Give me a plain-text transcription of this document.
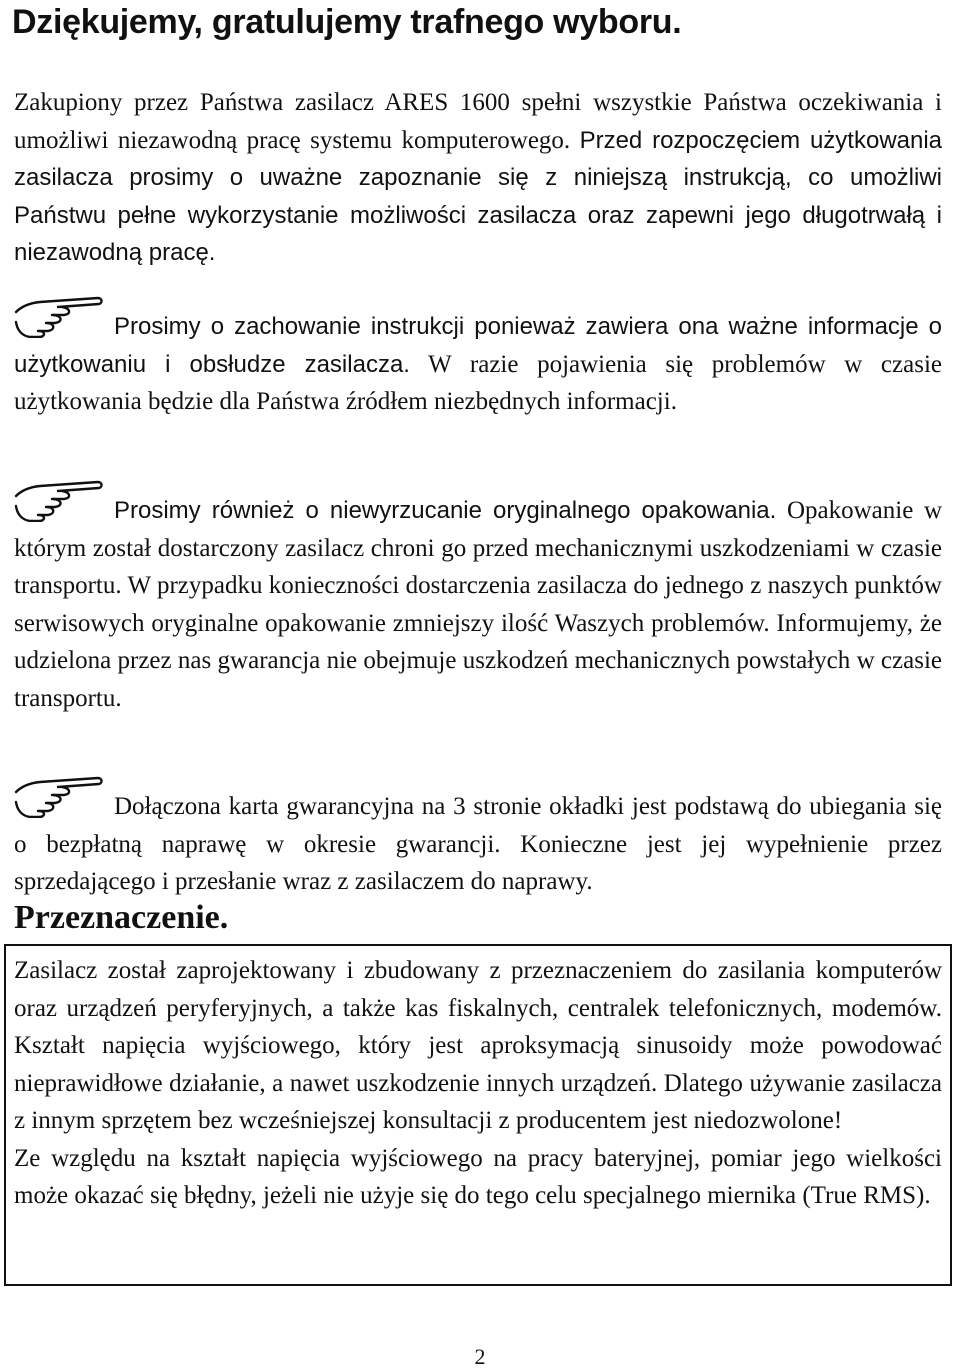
Dziękujemy, gratulujemy trafnego wyboru.

Zakupiony przez Państwa zasilacz ARES 1600 spełni wszystkie Państwa oczekiwania i umożliwi niezawodną pracę systemu komputerowego. Przed rozpoczęciem użytkowania zasilacza prosimy o uważne zapoznanie się z niniejszą instrukcją, co umożliwi Państwu pełne wykorzystanie możliwości zasilacza oraz zapewni jego długotrwałą i niezawodną pracę.

Prosimy o zachowanie instrukcji ponieważ zawiera ona ważne informacje o użytkowaniu i obsłudze zasilacza. W razie pojawienia się problemów w czasie użytkowania będzie dla Państwa źródłem niezbędnych informacji.

Prosimy również o niewyrzucanie oryginalnego opakowania. Opakowanie w którym został dostarczony zasilacz chroni go przed mechanicznymi uszkodzeniami w czasie transportu. W przypadku konieczności dostarczenia zasilacza do jednego z naszych punktów serwisowych oryginalne opakowanie zmniejszy ilość Waszych problemów. Informujemy, że udzielona przez nas gwarancja nie obejmuje uszkodzeń mechanicznych powstałych w czasie transportu.

Dołączona karta gwarancyjna na 3 stronie okładki jest podstawą do ubiegania się o bezpłatną naprawę w okresie gwarancji. Konieczne jest jej wypełnienie przez sprzedającego i przesłanie wraz z zasilaczem do naprawy.

Przeznaczenie.

Zasilacz został zaprojektowany i zbudowany z przeznaczeniem do zasilania komputerów oraz urządzeń peryferyjnych, a także kas fiskalnych, centralek telefonicznych, modemów. Kształt napięcia wyjściowego, który jest aproksymacją sinusoidy może powodować nieprawidłowe działanie, a nawet uszkodzenie innych urządzeń. Dlatego używanie zasilacza z innym sprzętem bez wcześniejszej konsultacji z producentem jest niedozwolone!

Ze względu na kształt napięcia wyjściowego na pracy bateryjnej, pomiar jego wielkości może okazać się błędny, jeżeli nie użyje się do tego celu specjalnego miernika (True RMS).

2
